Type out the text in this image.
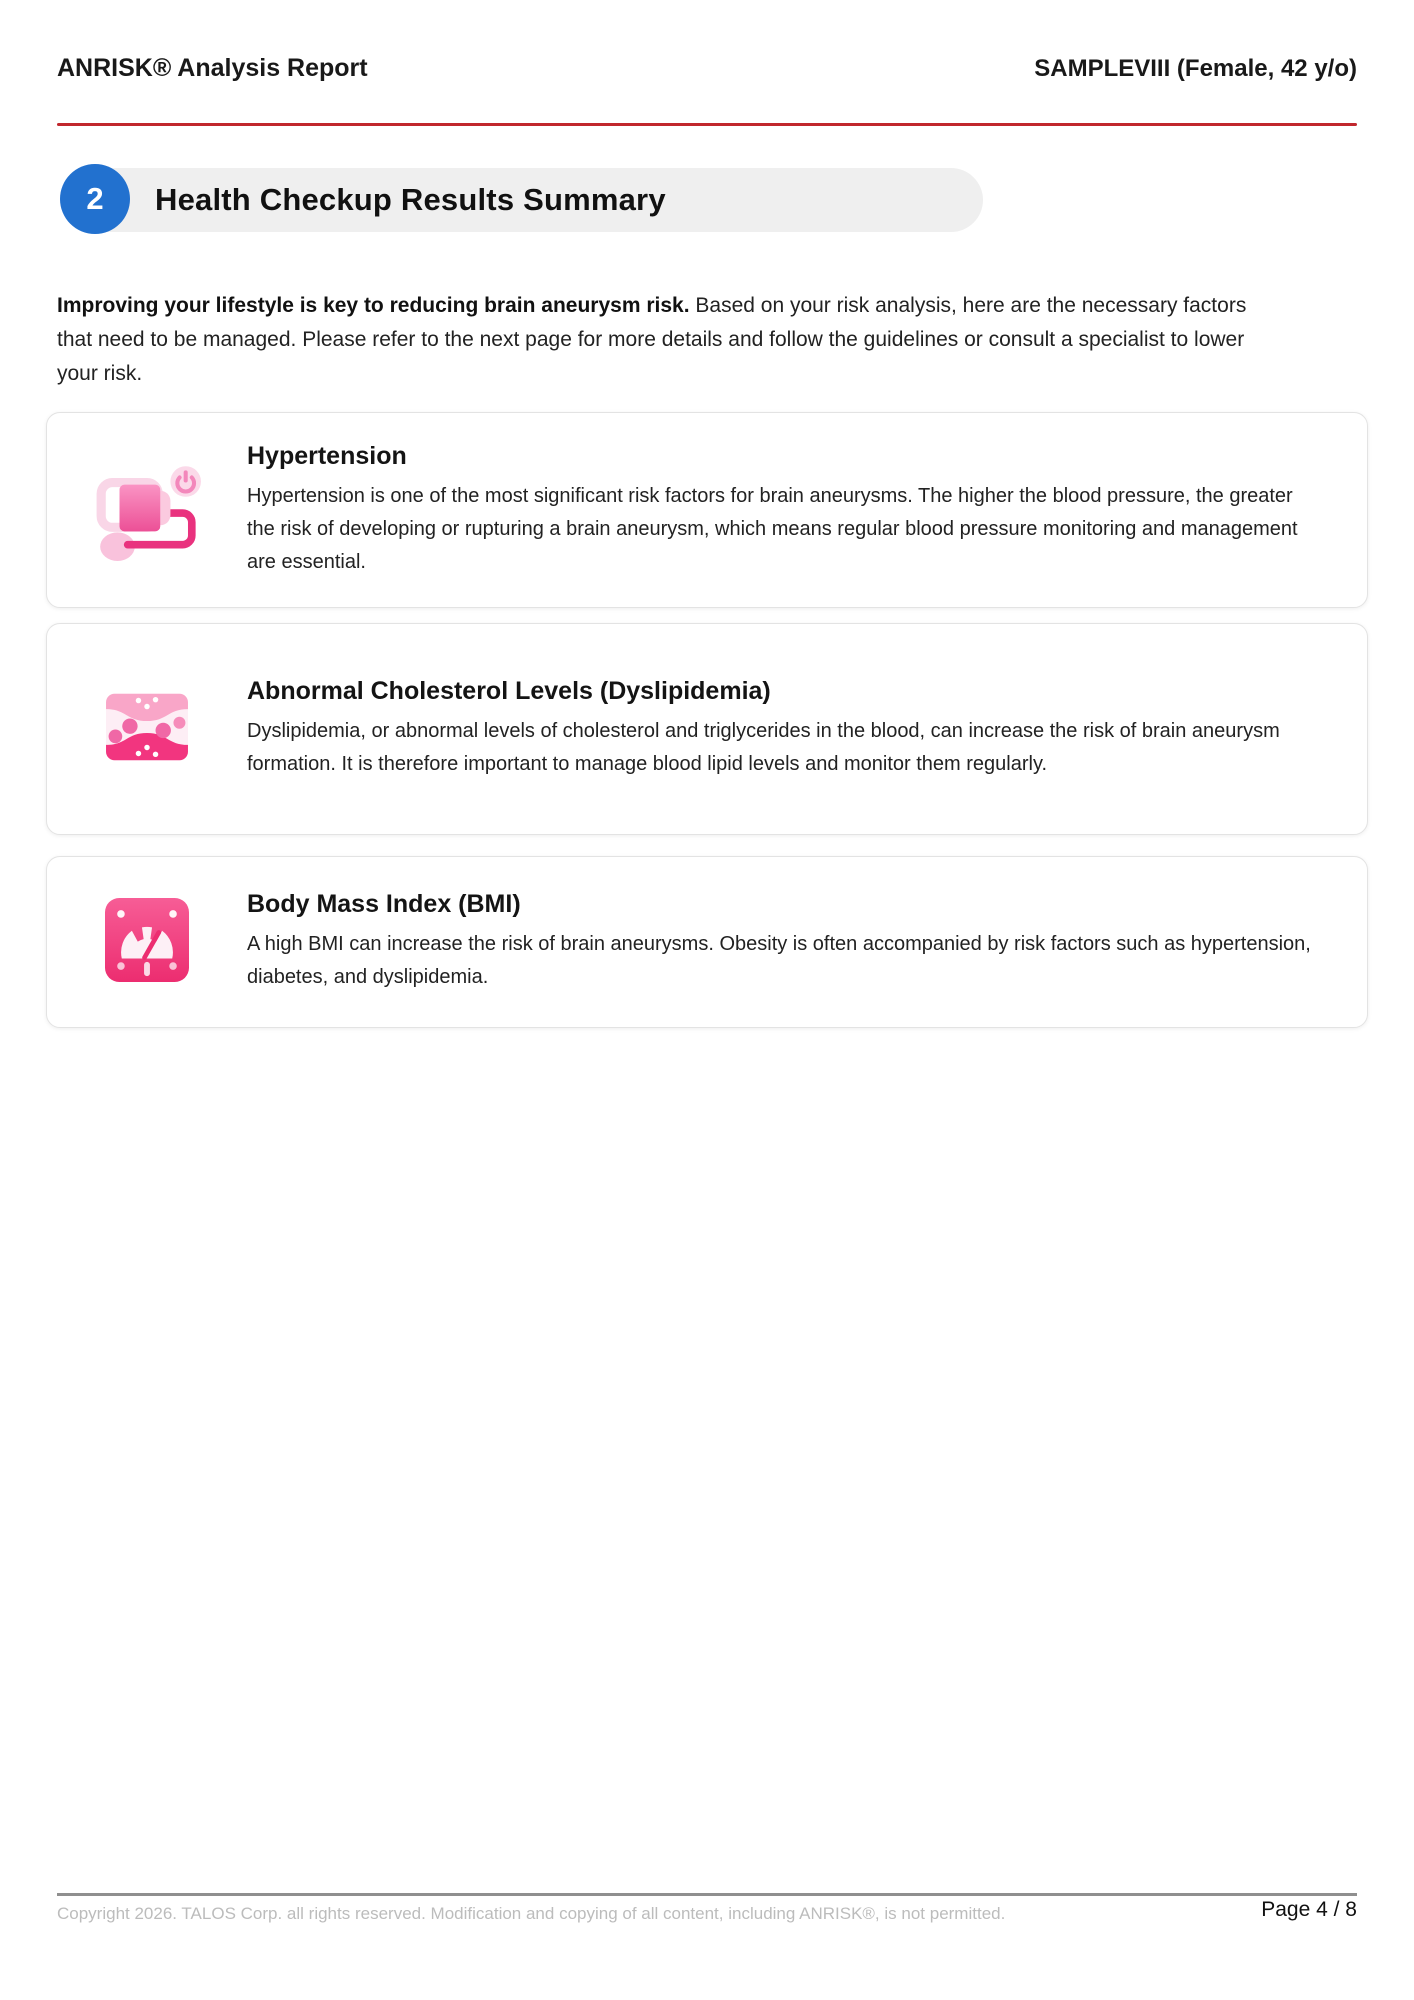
ANRISK® Analysis Report	SAMPLEVIII (Female, 42 y/o)
2	Health Checkup Results Summary

Improving your lifestyle is key to reducing brain aneurysm risk. Based on your risk analysis, here are the necessary factors that need to be managed. Please refer to the next page for more details and follow the guidelines or consult a specialist to lower your risk.

Hypertension

Hypertension is one of the most significant risk factors for brain aneurysms. The higher the blood pressure, the greater the risk of developing or rupturing a brain aneurysm, which means regular blood pressure monitoring and management are essential.

Abnormal Cholesterol Levels (Dyslipidemia)

Dyslipidemia, or abnormal levels of cholesterol and triglycerides in the blood, can increase the risk of brain aneurysm formation. It is therefore important to manage blood lipid levels and monitor them regularly.

Body Mass Index (BMI)

A high BMI can increase the risk of brain aneurysms. Obesity is often accompanied by risk factors such as hypertension, diabetes, and dyslipidemia.

Copyright 2026. TALOS Corp. all rights reserved. Modification and copying of all content, including ANRISK®, is not permitted.	Page 4 / 8
